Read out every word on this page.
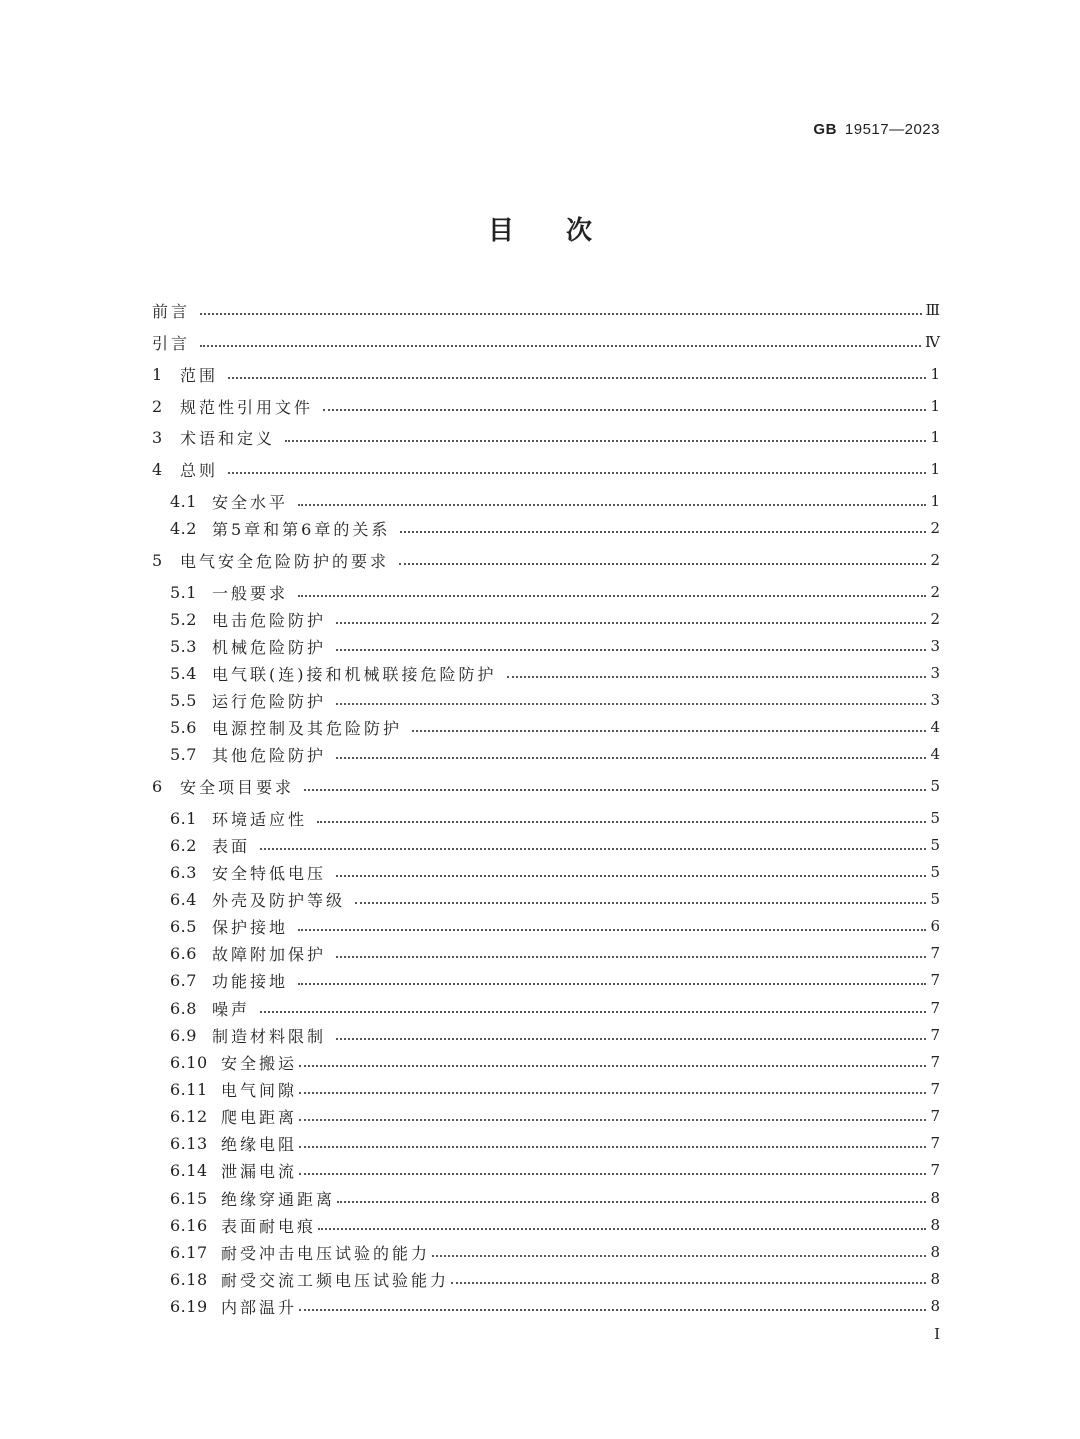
GB 19517—2023
目次
前言	Ⅲ
引言	Ⅳ
1	范围	1
2	规范性引用文件	1
3	术语和定义	1
4	总则	1
4.1 安全水平	1
4.2 第5章和第6章的关系	2
5	电气安全危险防护的要求	2
5.1 一般要求	2
5.2 电击危险防护	2
5.3 机械危险防护	3
5.4 电气联(连)接和机械联接危险防护	3
5.5 运行危险防护	3
5.6 电源控制及其危险防护	4
5.7 其他危险防护	4
6	安全项目要求	5
6.1 环境适应性	5
6.2 表面	5
6.3 安全特低电压	5
6.4 外壳及防护等级	5
6.5 保护接地	6
6.6 故障附加保护	7
6.7 功能接地	7
6.8 噪声	7
6.9 制造材料限制	7
6.10 安全搬运	7
6.11 电气间隙	7
6.12 爬电距离	7
6.13 绝缘电阻	7
6.14 泄漏电流	7
6.15 绝缘穿通距离	8
6.16 表面耐电痕	8
6.17 耐受冲击电压试验的能力	8
6.18 耐受交流工频电压试验能力	8
6.19 内部温升	8
I
